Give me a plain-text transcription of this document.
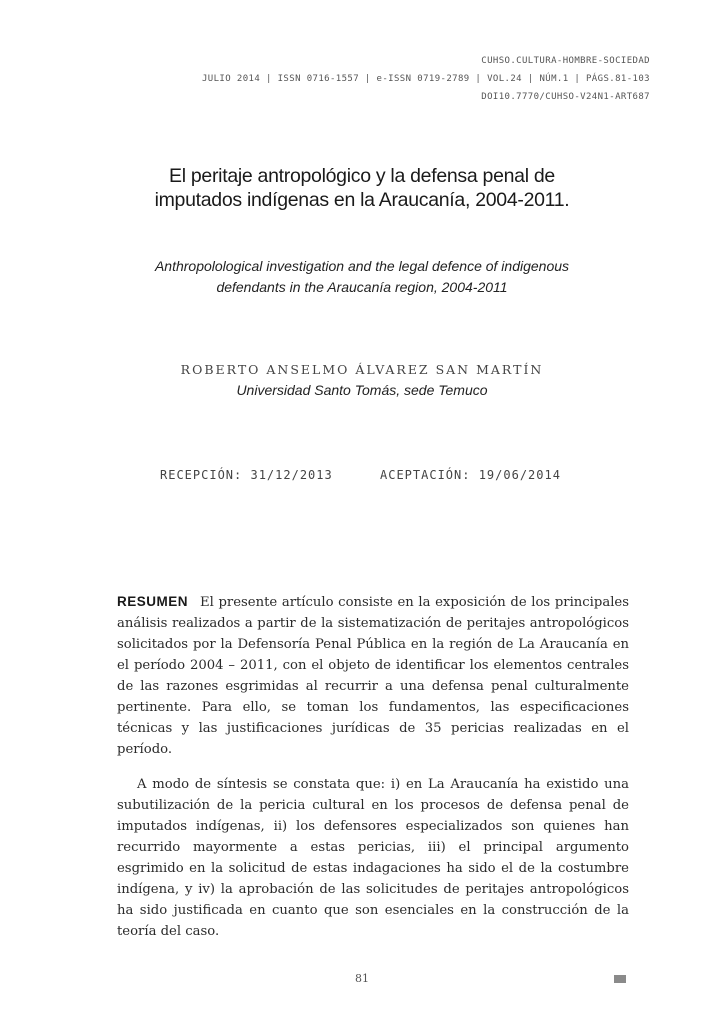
CUHSO.CULTURA-HOMBRE-SOCIEDAD
JULIO 2014 | ISSN 0716-1557 | e-ISSN 0719-2789 | VOL.24 | NÚM.1 | PÁGS.81-103
DOI10.7770/CUHSO-V24N1-ART687
El peritaje antropológico y la defensa penal de
imputados indígenas en la Araucanía, 2004-2011.
Anthropolological investigation and the legal defence of indigenous
defendants in the Araucanía region, 2004-2011
ROBERTO ANSELMO ÁLVAREZ SAN MARTÍN
Universidad Santo Tomás, sede Temuco
RECEPCIÓN: 31/12/2013	ACEPTACIÓN: 19/06/2014

RESUMEN El presente artículo consiste en la exposición de los principales análisis realizados a partir de la sistematización de peritajes antropológicos solicitados por la Defensoría Penal Pública en la región de La Araucanía en el período 2004 – 2011, con el objeto de identificar los elementos centrales de las razones esgrimidas al recurrir a una defensa penal culturalmente pertinente. Para ello, se toman los fundamentos, las especificaciones técnicas y las justificaciones jurídicas de 35 pericias realizadas en el período.

A modo de síntesis se constata que: i) en La Araucanía ha existido una subutilización de la pericia cultural en los procesos de defensa penal de imputados indígenas, ii) los defensores especializados son quienes han recurrido mayormente a estas pericias, iii) el principal argumento esgrimido en la solicitud de estas indagaciones ha sido el de la costumbre indígena, y iv) la aprobación de las solicitudes de peritajes antropológicos ha sido justificada en cuanto que son esenciales en la construcción de la teoría del caso.

81
